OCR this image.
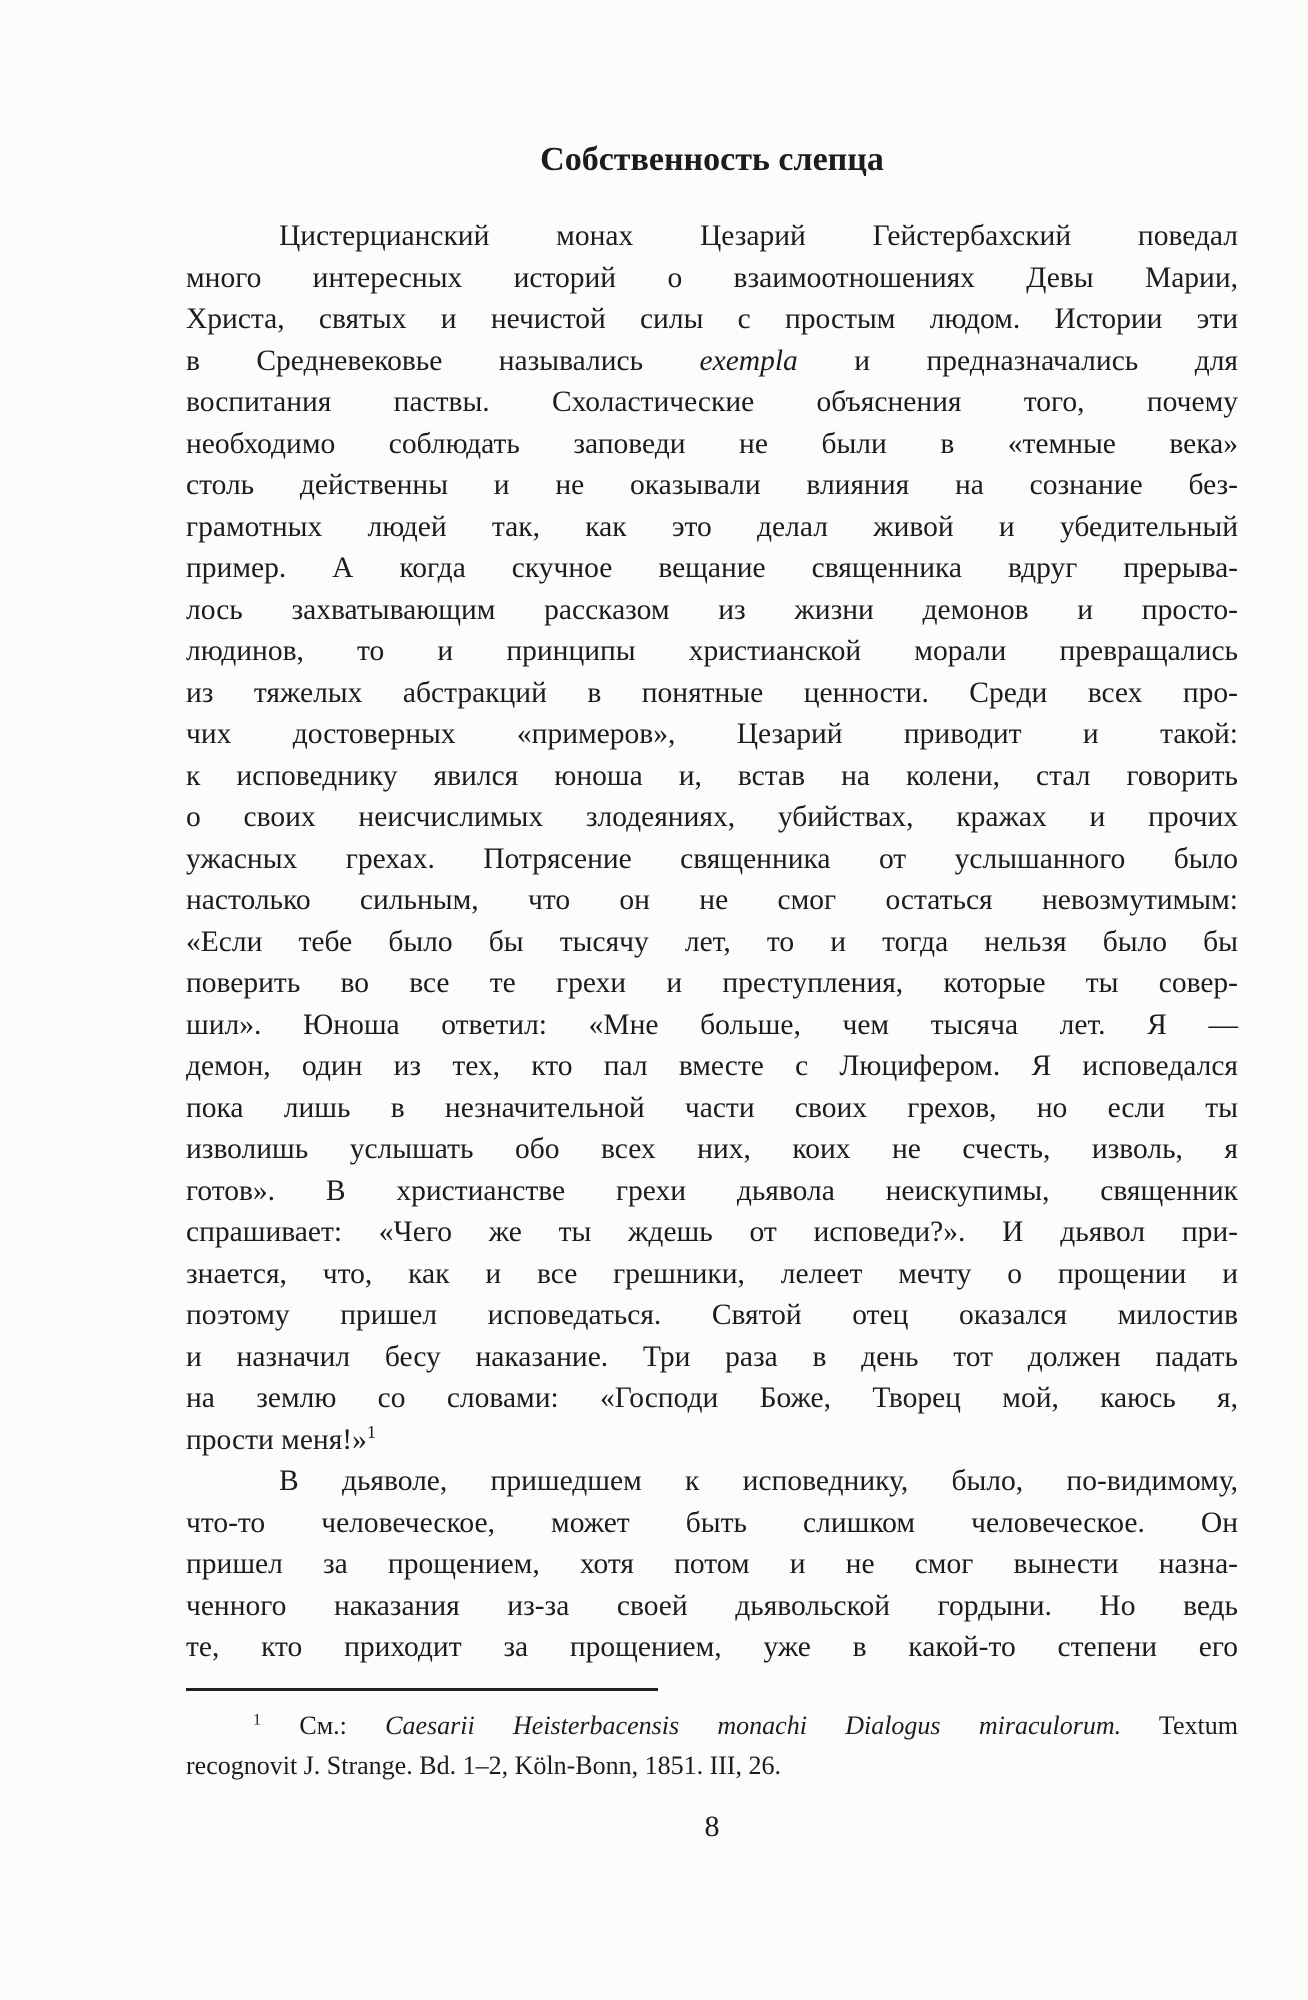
Собственность слепца
Цистерцианский монах Цезарий Гейстербахский поведал
много интересных историй о взаимоотношениях Девы Марии,
Христа, святых и нечистой силы с простым людом. Истории эти
в Средневековье назывались exempla и предназначались для
воспитания паствы. Схоластические объяснения того, почему
необходимо соблюдать заповеди не были в «темные века»
столь действенны и не оказывали влияния на сознание без-
грамотных людей так, как это делал живой и убедительный
пример. А когда скучное вещание священника вдруг прерыва-
лось захватывающим рассказом из жизни демонов и просто-
людинов, то и принципы христианской морали превращались
из тяжелых абстракций в понятные ценности. Среди всех про-
чих достоверных «примеров», Цезарий приводит и такой:
к исповеднику явился юноша и, встав на колени, стал говорить
о своих неисчислимых злодеяниях, убийствах, кражах и прочих
ужасных грехах. Потрясение священника от услышанного было
настолько сильным, что он не смог остаться невозмутимым:
«Если тебе было бы тысячу лет, то и тогда нельзя было бы
поверить во все те грехи и преступления, которые ты совер-
шил». Юноша ответил: «Мне больше, чем тысяча лет. Я —
демон, один из тех, кто пал вместе с Люцифером. Я исповедался
пока лишь в незначительной части своих грехов, но если ты
изволишь услышать обо всех них, коих не счесть, изволь, я
готов». В христианстве грехи дьявола неискупимы, священник
спрашивает: «Чего же ты ждешь от исповеди?». И дьявол при-
знается, что, как и все грешники, лелеет мечту о прощении и
поэтому пришел исповедаться. Святой отец оказался милостив
и назначил бесу наказание. Три раза в день тот должен падать
на землю со словами: «Господи Боже, Творец мой, каюсь я,
прости меня!»$^1$
В дьяволе, пришедшем к исповеднику, было, по-видимому,
что-то человеческое, может быть слишком человеческое. Он
пришел за прощением, хотя потом и не смог вынести назна-
ченного наказания из-за своей дьявольской гордыни. Но ведь
те, кто приходит за прощением, уже в какой-то степени его
$^1$ См.: Caesarii Heisterbacensis monachi Dialogus miraculorum. Textum
recognovit J. Strange. Bd. 1–2, Köln-Bonn, 1851. III, 26.
8
